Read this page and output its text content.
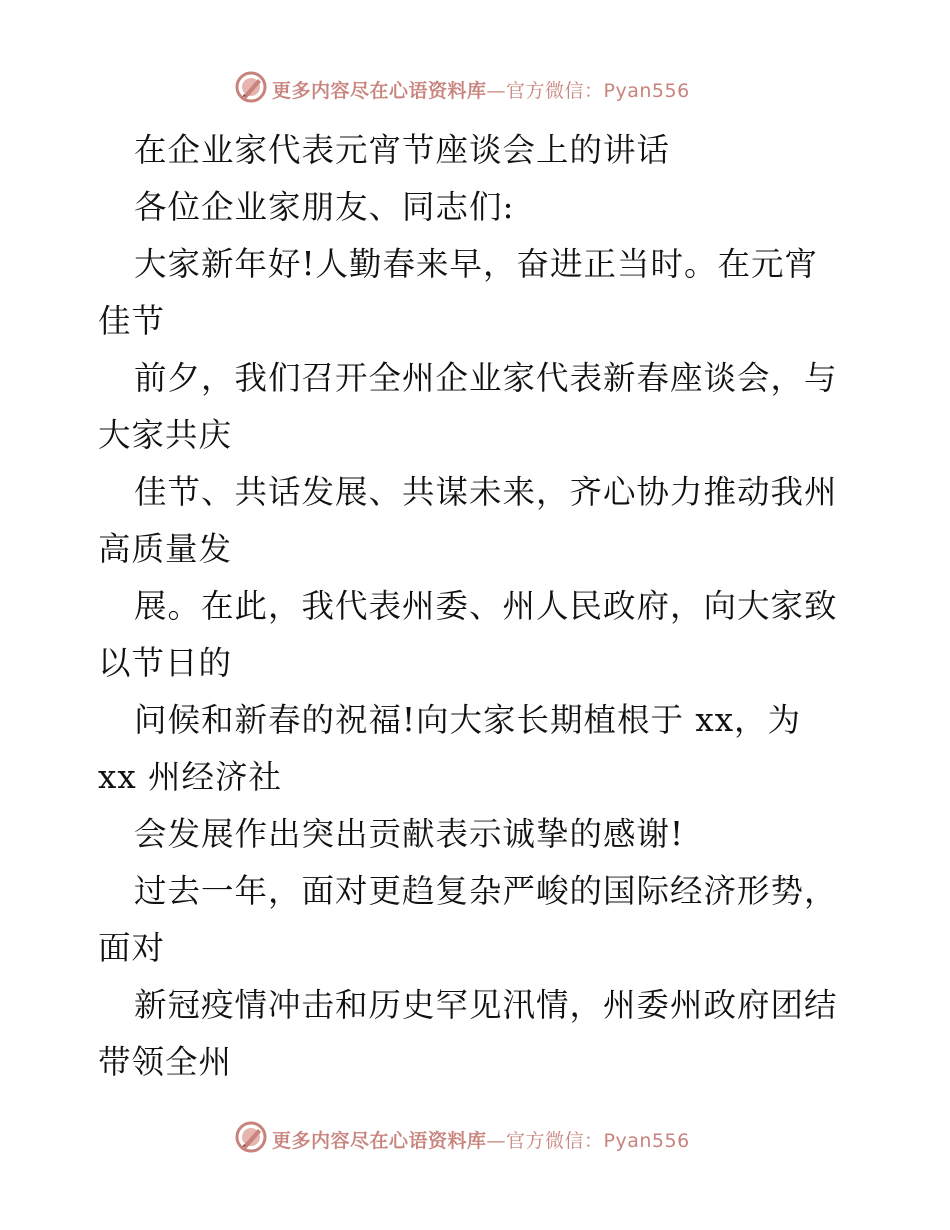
更多内容尽在心语资料库—官方微信：Pyan556
在企业家代表元宵节座谈会上的讲话
各位企业家朋友、同志们:
大家新年好!人勤春来早，奋进正当时。在元宵
佳节
前夕，我们召开全州企业家代表新春座谈会，与
大家共庆
佳节、共话发展、共谋未来，齐心协力推动我州
高质量发
展。在此，我代表州委、州人民政府，向大家致
以节日的
问候和新春的祝福!向大家长期植根于 xx，为
xx 州经济社
会发展作出突出贡献表示诚挚的感谢!
过去一年，面对更趋复杂严峻的国际经济形势，
面对
新冠疫情冲击和历史罕见汛情，州委州政府团结
带领全州
更多内容尽在心语资料库—官方微信：Pyan556
